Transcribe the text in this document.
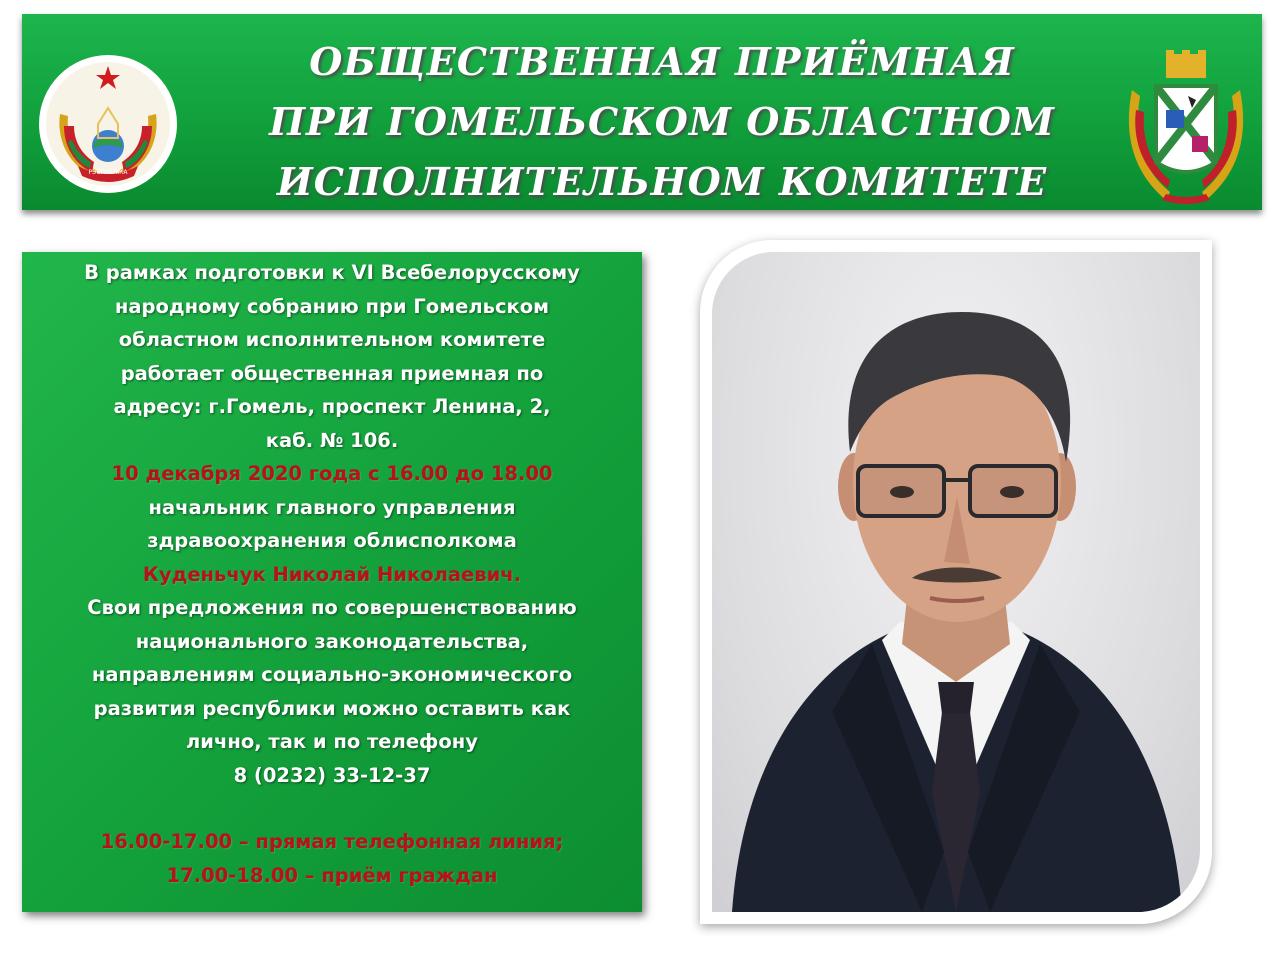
РЭСПУБЛІКА
ОБЩЕСТВЕННАЯ ПРИЁМНАЯ
ПРИ ГОМЕЛЬСКОМ ОБЛАСТНОМ
ИСПОЛНИТЕЛЬНОМ КОМИТЕТЕ

В рамках подготовки к VI Всебелорусскому

народному собранию при Гомельском

областном исполнительном комитете

работает общественная приемная по

адресу: г.Гомель, проспект Ленина, 2,

каб. № 106.

10 декабря 2020 года с 16.00 до 18.00

начальник главного управления

здравоохранения облисполкома

Куденьчук Николай Николаевич.

Свои предложения по совершенствованию

национального законодательства,

направлениям социально-экономического

развития республики можно оставить как

лично, так и по телефону

8 (0232) 33-12-37

16.00-17.00 – прямая телефонная линия;

17.00-18.00 – приём граждан
